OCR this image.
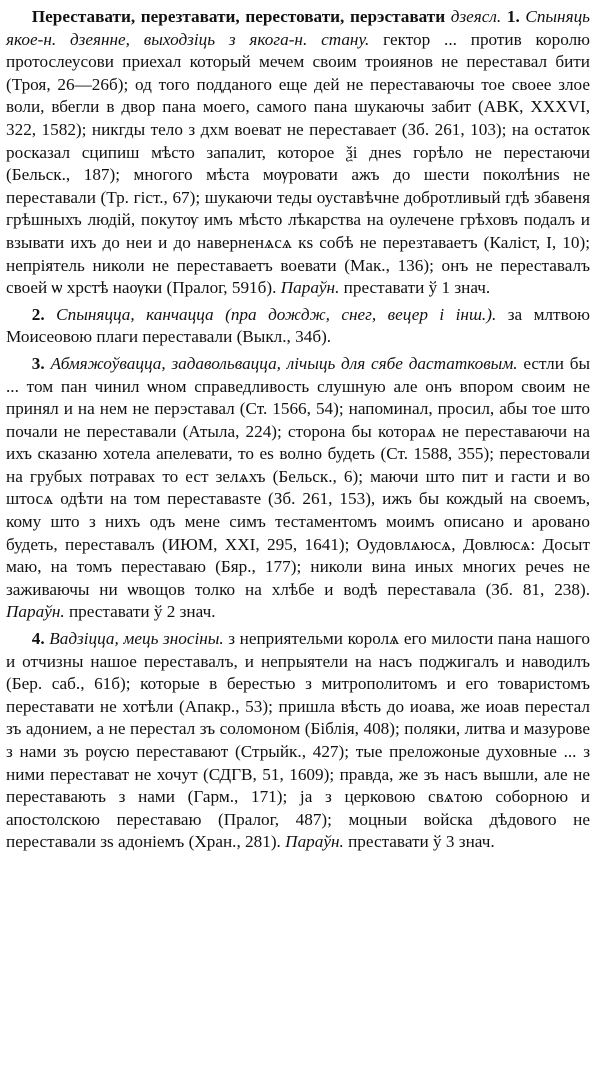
Переставати, перезтавати, перестовати, перэставати дзеясл. 1. Спыняць якое-н. дзеянне, выходзіць з якога-н. стану. гектор ... против королю протослеусови приехал который мечем своим троиянов не переставал бити (Троя, 26—26б); од того подданого еще дей не переставаючы тое своее злое воли, вбегли в двор пана моего, самого пана шукаючы забит (АВК, XXXVI, 322, 1582); никгды тело з дхм воеват не переставает (Зб. 261, 103); на остаток росказал сципиш мѣсто запалит, которое ѯі днеѕ горѣло не перестаючи (Бельск., 187); многого мѣста мѹровати ажъ до шести поколѣниѕ не переставали (Тр. гіст., 67); шукаючи теды оуставѣчне добротливый гдѣ збавеня грѣшныхъ людій, покутѹ имъ мѣсто лѣкарства на оулечене грѣховъ подалъ и взывати ихъ до неи и до наверненѧсѧ кѕ собѣ не перезтаваетъ (Каліст, І, 10); непріятель николи не переставаетъ воевати (Мак., 136); онъ не переставалъ своей ѡ хрстѣ наѹки (Пралог, 591б). Параўн. преставати ў 1 знач.

2. Спыняцца, канчацца (пра дождж, снег, вецер і інш.). за млтвою Моисеовою плаги переставали (Выкл., 34б).

3. Абмяжоўвацца, задавольвацца, лічыць для сябе дастатковым. естли бы ... том пан чинил ѡном справедливость слушную але онъ впором своим не принял и на нем не перэставал (Ст. 1566, 54); напоминал, просил, абы тое што почали не переставали (Атыла, 224); сторона бы котораѧ не переставаючи на ихъ сказаню хотела апелевати, то еѕ волно будеть (Ст. 1588, 355); перестовали на грубых потравах то ест зелѧхъ (Бельск., 6); маючи што пит и гасти и во штосѧ одѣти на том переставаѕте (Зб. 261, 153), ижъ бы кождый на своемъ, кому што з нихъ одъ мене симъ тестаментомъ моимъ описано и аровано будеть, переставалъ (ИЮМ, XXI, 295, 1641); Оудовлѧюсѧ, Довлюсѧ: Досыт маю, на томъ переставаю (Бяр., 177); николи вина иных многих речеѕ не заживаючы ни ѡвощов толко на хлѣбе и водѣ переставала (Зб. 81, 238). Параўн. преставати ў 2 знач.

4. Вадзіцца, мець зносіны. з неприятельми королѧ его милости пана нашого и отчизны нашое переставалъ, и непрыятели на насъ поджигалъ и наводилъ (Бер. саб., 61б); которые в берестью з митрополитомъ и его товаристомъ переставати не хотѣли (Апакр., 53); пришла вѣсть до иоава, же иоав перестал зъ адонием, а не перестал зъ соломоном (Біблія, 408); поляки, литва и мазуровe з нами зъ рѹсю переставают (Стрыйк., 427); тые преложоные духовные ... з ними перестават не хочут (СДГВ, 51, 1609); правда, же зъ насъ вышли, але не переставають з нами (Гарм., 171); ја з церковою свѧтою соборною и апостолскою переставаю (Пралог, 487); моцныи войска дѣдового не переставали зѕ адоніемъ (Хран., 281). Параўн. преставати ў 3 знач.
